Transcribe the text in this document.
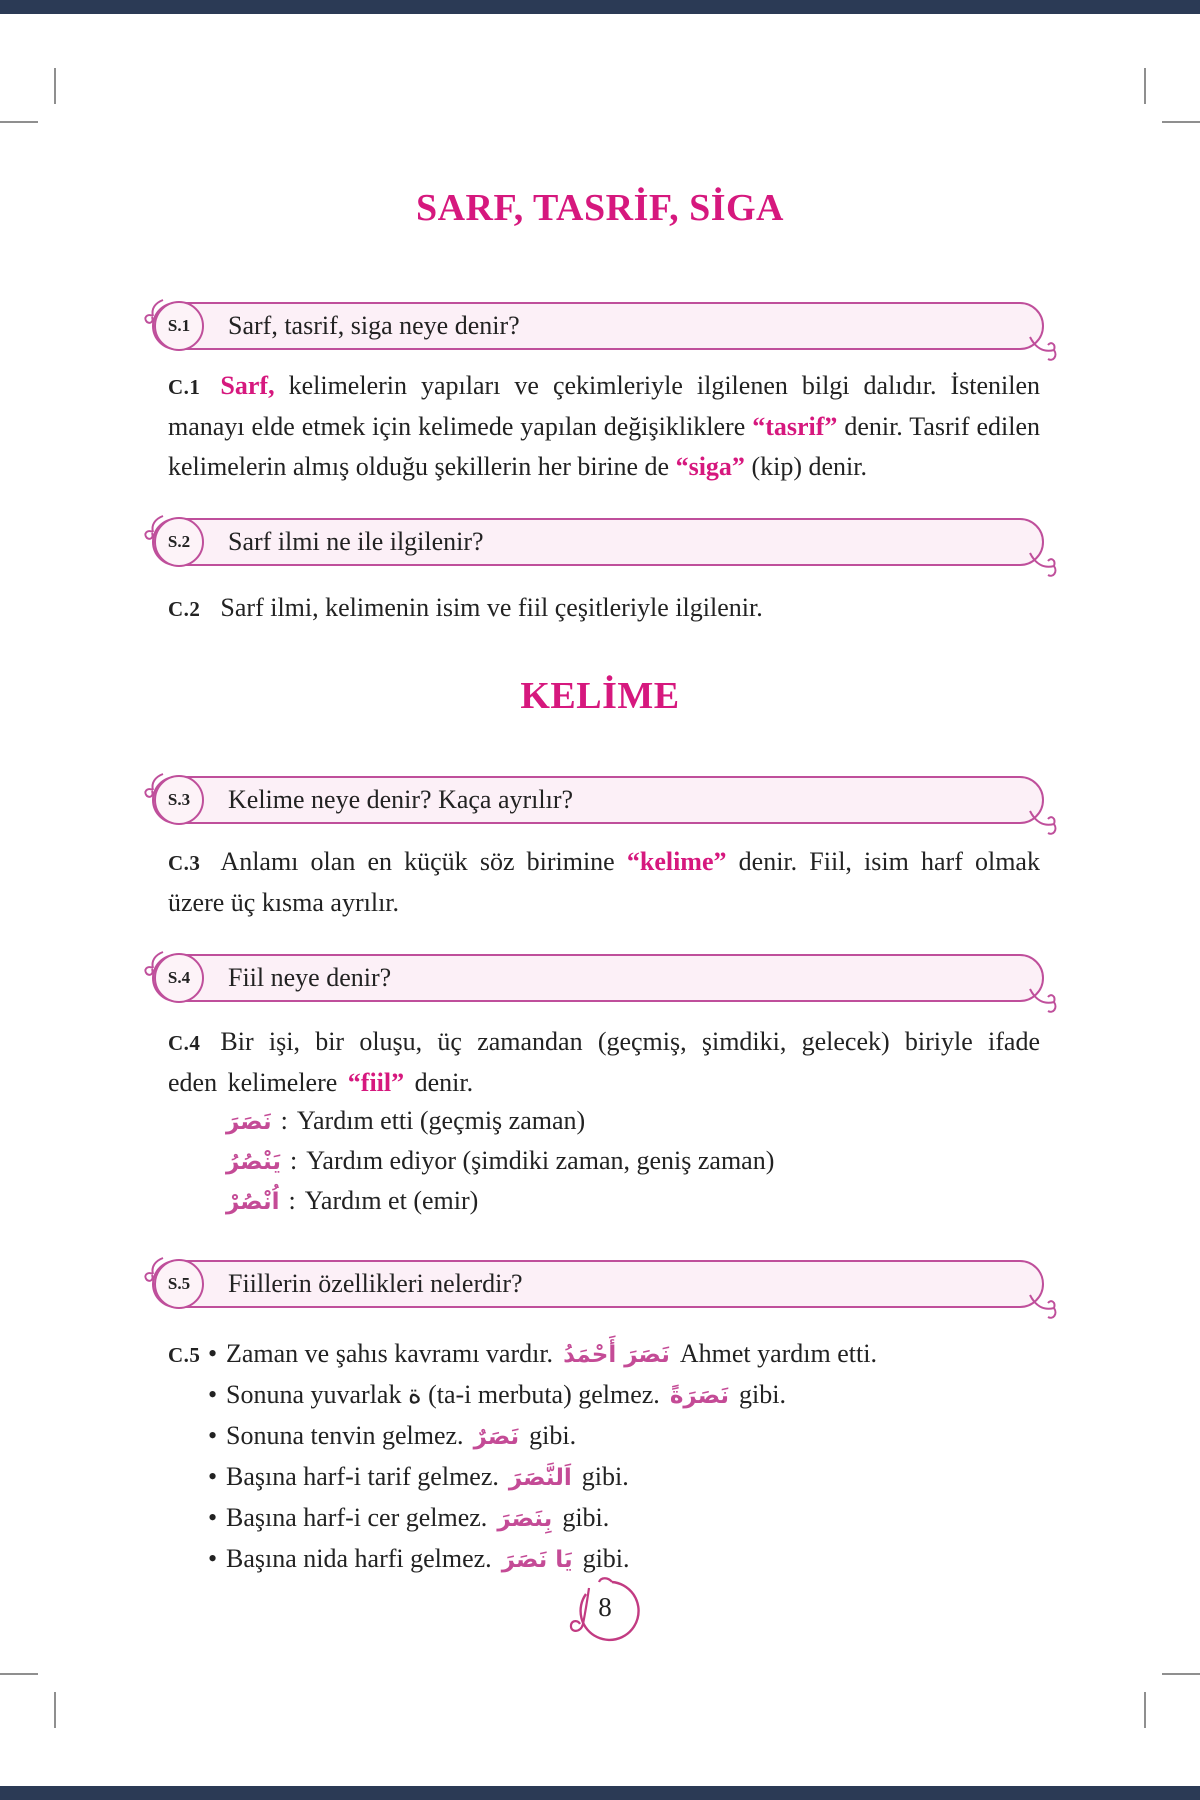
SARF, TASRİF, SİGA
S.1	Sarf, tasrif, siga neye denir?

C.1 Sarf, kelimelerin yapıları ve çekimleriyle ilgilenen bilgi dalıdır. İstenilen manayı elde etmek için kelimede yapılan değişikliklere “tasrif” denir. Tasrif edilen kelimelerin almış olduğu şekillerin her birine de “siga” (kip) denir.

S.2	Sarf ilmi ne ile ilgilenir?

C.2 Sarf ilmi, kelimenin isim ve fiil çeşitleriyle ilgilenir.

KELİME
S.3	Kelime neye denir? Kaça ayrılır?

C.3 Anlamı olan en küçük söz birimine “kelime” denir. Fiil, isim harf olmak üzere üç kısma ayrılır.

S.4	Fiil neye denir?

C.4 Bir işi, bir oluşu, üç zamandan (geçmiş, şimdiki, gelecek) biriyle ifade eden kelimelere “fiil” denir.

نَصَرَ : Yardım etti (geçmiş zaman)
يَنْصُرُ : Yardım ediyor (şimdiki zaman, geniş zaman)
اُنْصُرْ : Yardım et (emir)
S.5	Fiillerin özellikleri nelerdir?
C.5 • Zaman ve şahıs kavramı vardır. نَصَرَ أَحْمَدُ Ahmet yardım etti.
• Sonuna yuvarlak ة (ta-i merbuta) gelmez. نَصَرَةً gibi.
• Sonuna tenvin gelmez. نَصَرٌ gibi.
• Başına harf-i tarif gelmez. اَلنَّصَرَ gibi.
• Başına harf-i cer gelmez. بِنَصَرَ gibi.
• Başına nida harfi gelmez. يَا نَصَرَ gibi.
8
